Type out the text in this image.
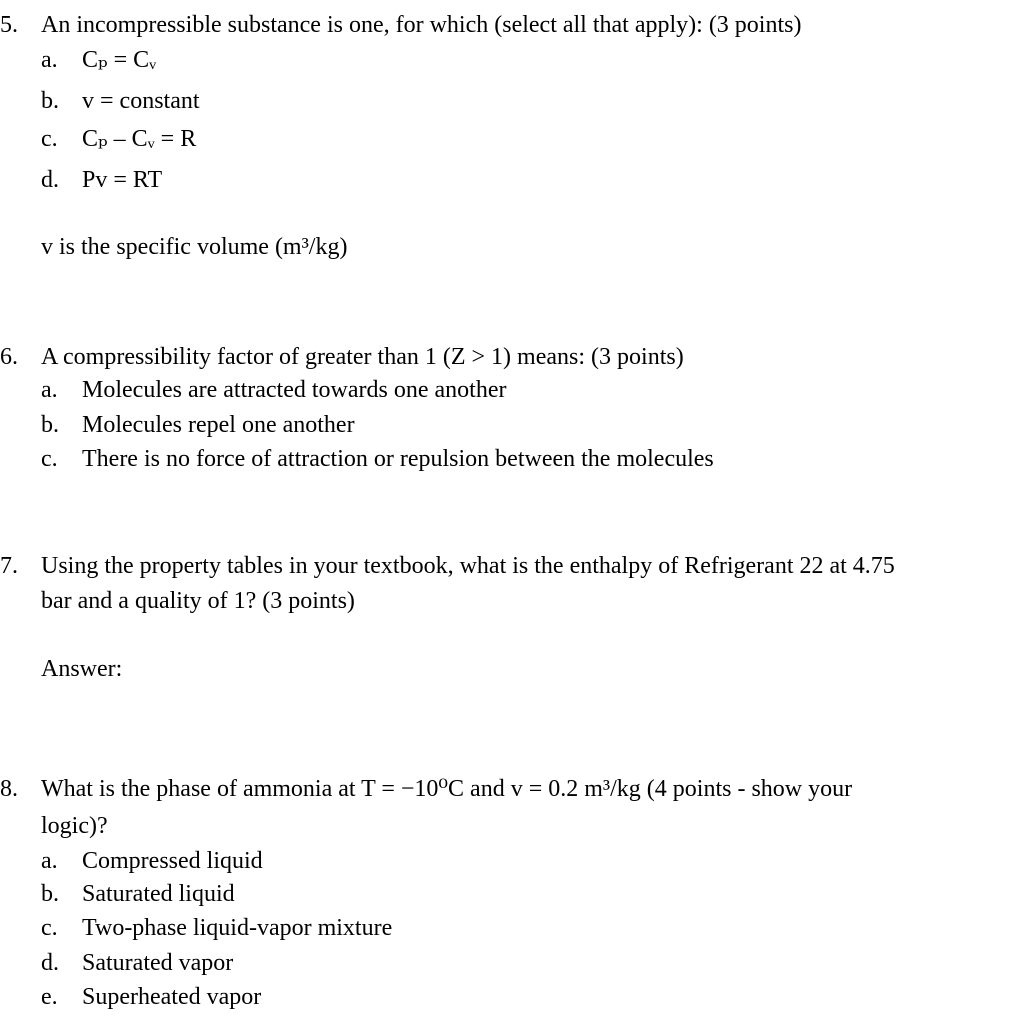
5. An incompressible substance is one, for which (select all that apply): (3 points)
a. Cₚ = Cᵥ
b. v = constant
c. Cₚ – Cᵥ = R
d. Pv = RT
v is the specific volume (m³/kg)
6. A compressibility factor of greater than 1 (Z > 1) means: (3 points)
a. Molecules are attracted towards one another
b. Molecules repel one another
c. There is no force of attraction or repulsion between the molecules
7. Using the property tables in your textbook, what is the enthalpy of Refrigerant 22 at 4.75
bar and a quality of 1? (3 points)
Answer:
8. What is the phase of ammonia at T = −10⁰C and v = 0.2 m³/kg (4 points - show your
logic)?
a. Compressed liquid
b. Saturated liquid
c. Two-phase liquid-vapor mixture
d. Saturated vapor
e. Superheated vapor
